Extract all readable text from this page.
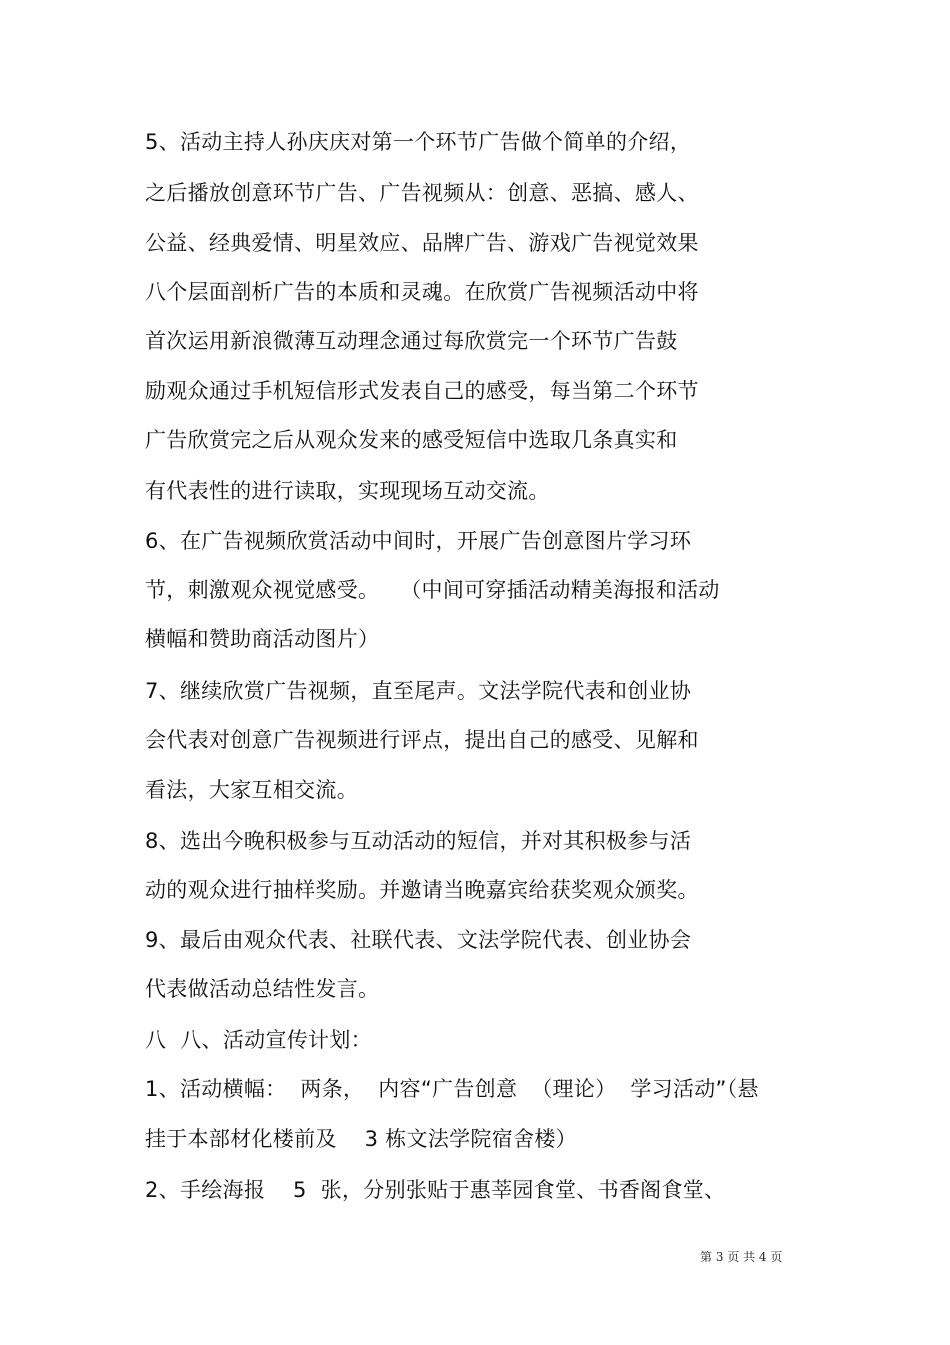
5、活动主持人孙庆庆对第一个环节广告做个简单的介绍，
之后播放创意环节广告、广告视频从：创意、恶搞、感人、
公益、经典爱情、明星效应、品牌广告、游戏广告视觉效果
八个层面剖析广告的本质和灵魂。在欣赏广告视频活动中将
首次运用新浪微薄互动理念通过每欣赏完一个环节广告鼓
励观众通过手机短信形式发表自己的感受，每当第二个环节
广告欣赏完之后从观众发来的感受短信中选取几条真实和
有代表性的进行读取，实现现场互动交流。
6、在广告视频欣赏活动中间时，开展广告创意图片学习环
节，刺激观众视觉感受。   （中间可穿插活动精美海报和活动
横幅和赞助商活动图片）
7、继续欣赏广告视频，直至尾声。文法学院代表和创业协
会代表对创意广告视频进行评点，提出自己的感受、见解和
看法，大家互相交流。
8、选出今晚积极参与互动活动的短信，并对其积极参与活
动的观众进行抽样奖励。并邀请当晚嘉宾给获奖观众颁奖。
9、最后由观众代表、社联代表、文法学院代表、创业协会
代表做活动总结性发言。
八  八、活动宣传计划：
1、活动横幅：  两条，  内容“广告创意  （理论）  学习活动”（悬
挂于本部材化楼前及    3 栋文法学院宿舍楼）
2、手绘海报    5  张，分别张贴于惠莘园食堂、书香阁食堂、
第 3 页 共 4 页
